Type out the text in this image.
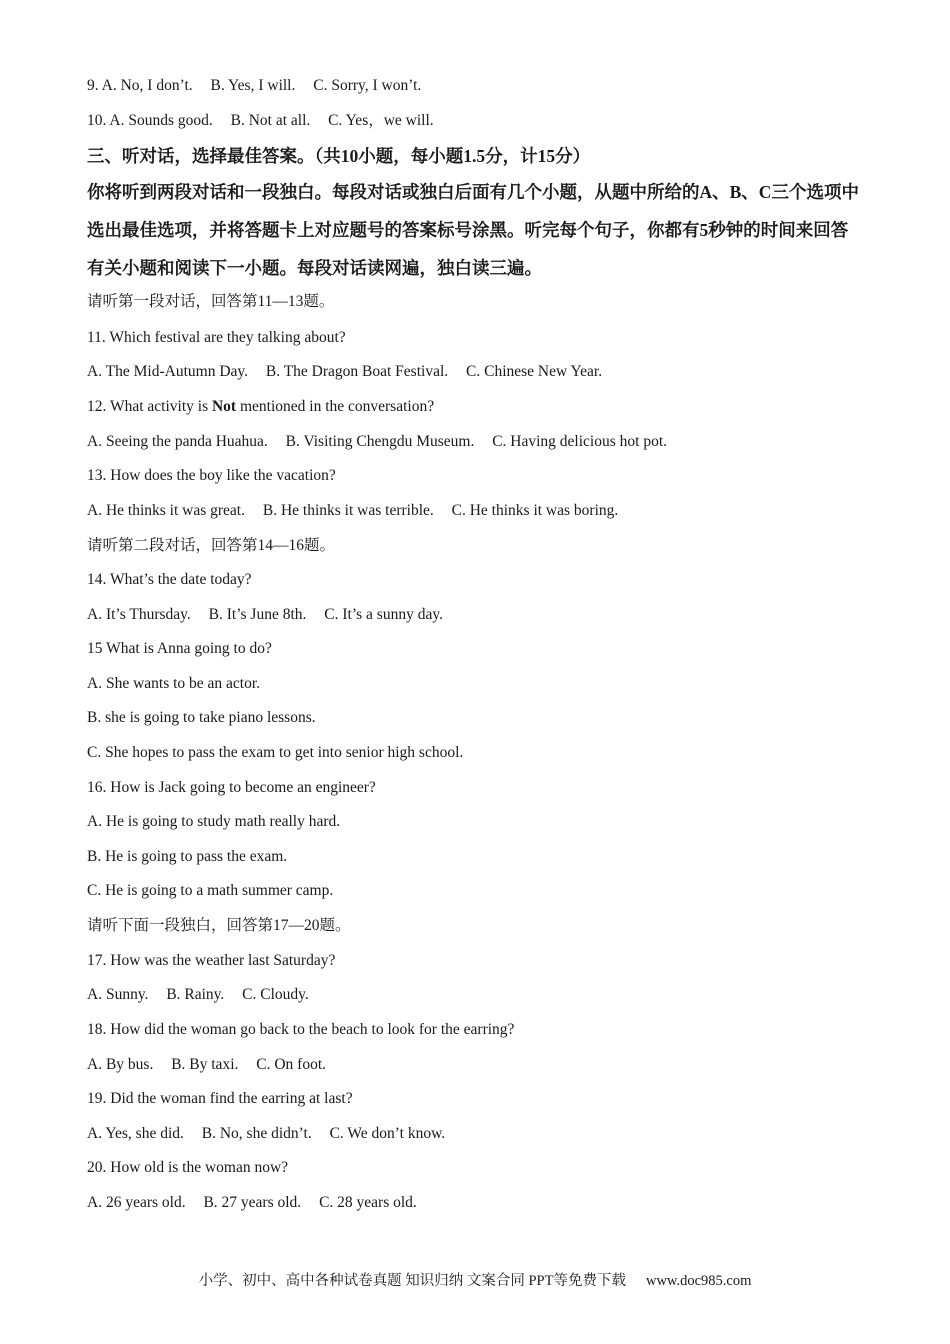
9. A. No, I don’t. B. Yes, I will. C. Sorry, I won’t.
10. A. Sounds good. B. Not at all. C. Yes，we will.
三、听对话，选择最佳答案。（共10小题，每小题1.5分，计15分）
你将听到两段对话和一段独白。每段对话或独白后面有几个小题，从题中所给的A、B、C三个选项中选出最佳选项，并将答题卡上对应题号的答案标号涂黑。听完每个句子，你都有5秒钟的时间来回答有关小题和阅读下一小题。每段对话读网遍，独白读三遍。
请听第一段对话，回答第11—13题。
11. Which festival are they talking about?
A. The Mid-Autumn Day. B. The Dragon Boat Festival. C. Chinese New Year.
12. What activity is Not mentioned in the conversation?
A. Seeing the panda Huahua. B. Visiting Chengdu Museum. C. Having delicious hot pot.
13. How does the boy like the vacation?
A. He thinks it was great. B. He thinks it was terrible. C. He thinks it was boring.
请听第二段对话，回答第14—16题。
14. What’s the date today?
A. It’s Thursday. B. It’s June 8th. C. It’s a sunny day.
15 What is Anna going to do?
A. She wants to be an actor.
B. she is going to take piano lessons.
C. She hopes to pass the exam to get into senior high school.
16. How is Jack going to become an engineer?
A. He is going to study math really hard.
B. He is going to pass the exam.
C. He is going to a math summer camp.
请听下面一段独白，回答第17—20题。
17. How was the weather last Saturday?
A. Sunny. B. Rainy. C. Cloudy.
18. How did the woman go back to the beach to look for the earring?
A. By bus. B. By taxi. C. On foot.
19. Did the woman find the earring at last?
A. Yes, she did. B. No, she didn’t. C. We don’t know.
20. How old is the woman now?
A. 26 years old. B. 27 years old. C. 28 years old.
小学、初中、高中各种试卷真题 知识归纳 文案合同 PPT等免费下载 www.doc985.com
